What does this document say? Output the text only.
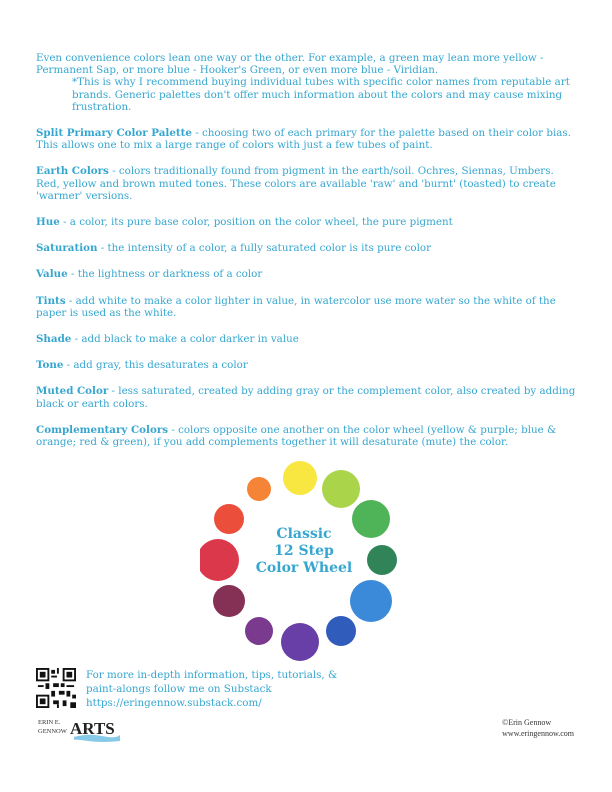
Even convenience colors lean one way or the other. For example, a green may lean more yellow - Permanent Sap, or more blue - Hooker's Green, or even more blue - Viridian.
*This is why I recommend buying individual tubes with specific color names from reputable art brands. Generic palettes don't offer much information about the colors and may cause mixing frustration.

Split Primary Color Palette - choosing two of each primary for the palette based on their color bias. This allows one to mix a large range of colors with just a few tubes of paint.

Earth Colors - colors traditionally found from pigment in the earth/soil. Ochres, Siennas, Umbers. Red, yellow and brown muted tones. These colors are available 'raw' and 'burnt' (toasted) to create 'warmer' versions.

Hue - a color, its pure base color, position on the color wheel, the pure pigment

Saturation - the intensity of a color, a fully saturated color is its pure color

Value - the lightness or darkness of a color

Tints - add white to make a color lighter in value, in watercolor use more water so the white of the paper is used as the white.

Shade - add black to make a color darker in value

Tone - add gray, this desaturates a color

Muted Color - less saturated, created by adding gray or the complement color, also created by adding black or earth colors.

Complementary Colors - colors opposite one another on the color wheel (yellow & purple; blue & orange; red & green), if you add complements together it will desaturate (mute) the color.

Classic
12 Step
Color Wheel
For more in-depth information, tips, tutorials, &
paint-alongs follow me on Substack
https://eringennow.substack.com/
ERIN E.
GENNOW ARTS	©Erin Gennow
www.eringennow.com
